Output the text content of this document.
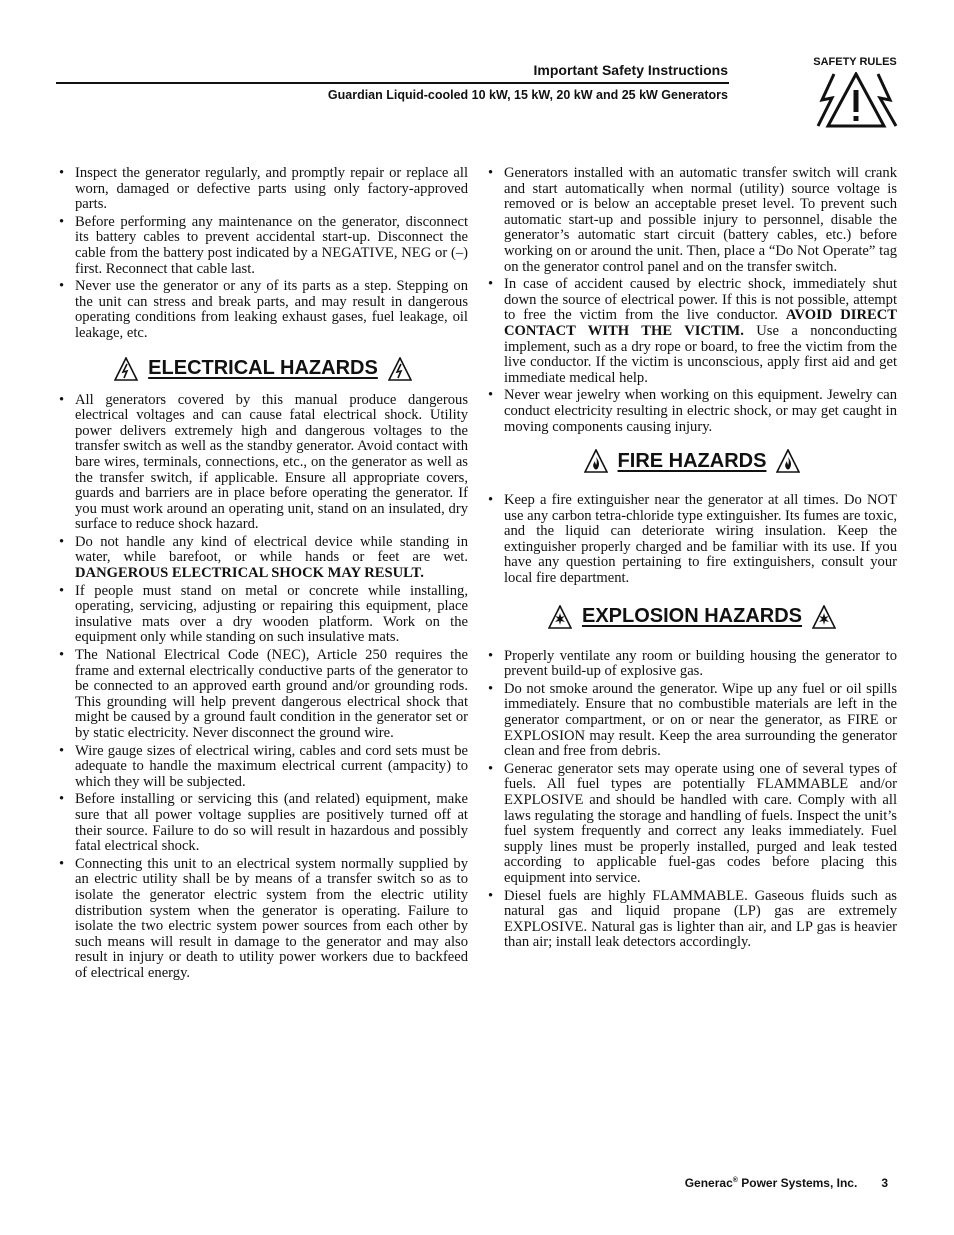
Important Safety Instructions
Guardian Liquid-cooled 10 kW, 15 kW, 20 kW and 25 kW Generators
SAFETY RULES
• Inspect the generator regularly, and promptly repair or replace all worn, damaged or defective parts using only factory-approved parts.
• Before performing any maintenance on the generator, disconnect its battery cables to prevent accidental start-up. Disconnect the cable from the battery post indicated by a NEGATIVE, NEG or (–) first. Reconnect that cable last.
• Never use the generator or any of its parts as a step. Stepping on the unit can stress and break parts, and may result in dangerous operating conditions from leaking exhaust gases, fuel leakage, oil leakage, etc.
ELECTRICAL HAZARDS
• All generators covered by this manual produce dangerous electrical voltages and can cause fatal electrical shock. Utility power delivers extremely high and dangerous voltages to the transfer switch as well as the standby generator. Avoid contact with bare wires, terminals, connections, etc., on the generator as well as the transfer switch, if applicable. Ensure all appropriate covers, guards and barriers are in place before operating the generator. If you must work around an operating unit, stand on an insulated, dry surface to reduce shock hazard.
• Do not handle any kind of electrical device while standing in water, while barefoot, or while hands or feet are wet. DANGEROUS ELECTRICAL SHOCK MAY RESULT.
• If people must stand on metal or concrete while installing, operating, servicing, adjusting or repairing this equipment, place insulative mats over a dry wooden platform. Work on the equipment only while standing on such insulative mats.
• The National Electrical Code (NEC), Article 250 requires the frame and external electrically conductive parts of the generator to be connected to an approved earth ground and/or grounding rods. This grounding will help prevent dangerous electrical shock that might be caused by a ground fault condition in the generator set or by static electricity. Never disconnect the ground wire.
• Wire gauge sizes of electrical wiring, cables and cord sets must be adequate to handle the maximum electrical current (ampacity) to which they will be subjected.
• Before installing or servicing this (and related) equipment, make sure that all power voltage supplies are positively turned off at their source. Failure to do so will result in hazardous and possibly fatal electrical shock.
• Connecting this unit to an electrical system normally supplied by an electric utility shall be by means of a transfer switch so as to isolate the generator electric system from the electric utility distribution system when the generator is operating. Failure to isolate the two electric system power sources from each other by such means will result in damage to the generator and may also result in injury or death to utility power workers due to backfeed of electrical energy.
• Generators installed with an automatic transfer switch will crank and start automatically when normal (utility) source voltage is removed or is below an acceptable preset level. To prevent such automatic start-up and possible injury to personnel, disable the generator’s automatic start circuit (battery cables, etc.) before working on or around the unit. Then, place a “Do Not Operate” tag on the generator control panel and on the transfer switch.
• In case of accident caused by electric shock, immediately shut down the source of electrical power. If this is not possible, attempt to free the victim from the live conductor. AVOID DIRECT CONTACT WITH THE VICTIM. Use a nonconducting implement, such as a dry rope or board, to free the victim from the live conductor. If the victim is unconscious, apply first aid and get immediate medical help.
• Never wear jewelry when working on this equipment. Jewelry can conduct electricity resulting in electric shock, or may get caught in moving components causing injury.
FIRE HAZARDS
• Keep a fire extinguisher near the generator at all times. Do NOT use any carbon tetra-chloride type extinguisher. Its fumes are toxic, and the liquid can deteriorate wiring insulation. Keep the extinguisher properly charged and be familiar with its use. If you have any question pertaining to fire extinguishers, consult your local fire department.
EXPLOSION HAZARDS
• Properly ventilate any room or building housing the generator to prevent build-up of explosive gas.
• Do not smoke around the generator. Wipe up any fuel or oil spills immediately. Ensure that no combustible materials are left in the generator compartment, or on or near the generator, as FIRE or EXPLOSION may result. Keep the area surrounding the generator clean and free from debris.
• Generac generator sets may operate using one of several types of fuels. All fuel types are potentially FLAMMABLE and/or EXPLOSIVE and should be handled with care. Comply with all laws regulating the storage and handling of fuels. Inspect the unit’s fuel system frequently and correct any leaks immediately. Fuel supply lines must be properly installed, purged and leak tested according to applicable fuel-gas codes before placing this equipment into service.
• Diesel fuels are highly FLAMMABLE. Gaseous fluids such as natural gas and liquid propane (LP) gas are extremely EXPLOSIVE. Natural gas is lighter than air, and LP gas is heavier than air; install leak detectors accordingly.
Generac® Power Systems, Inc. 3
